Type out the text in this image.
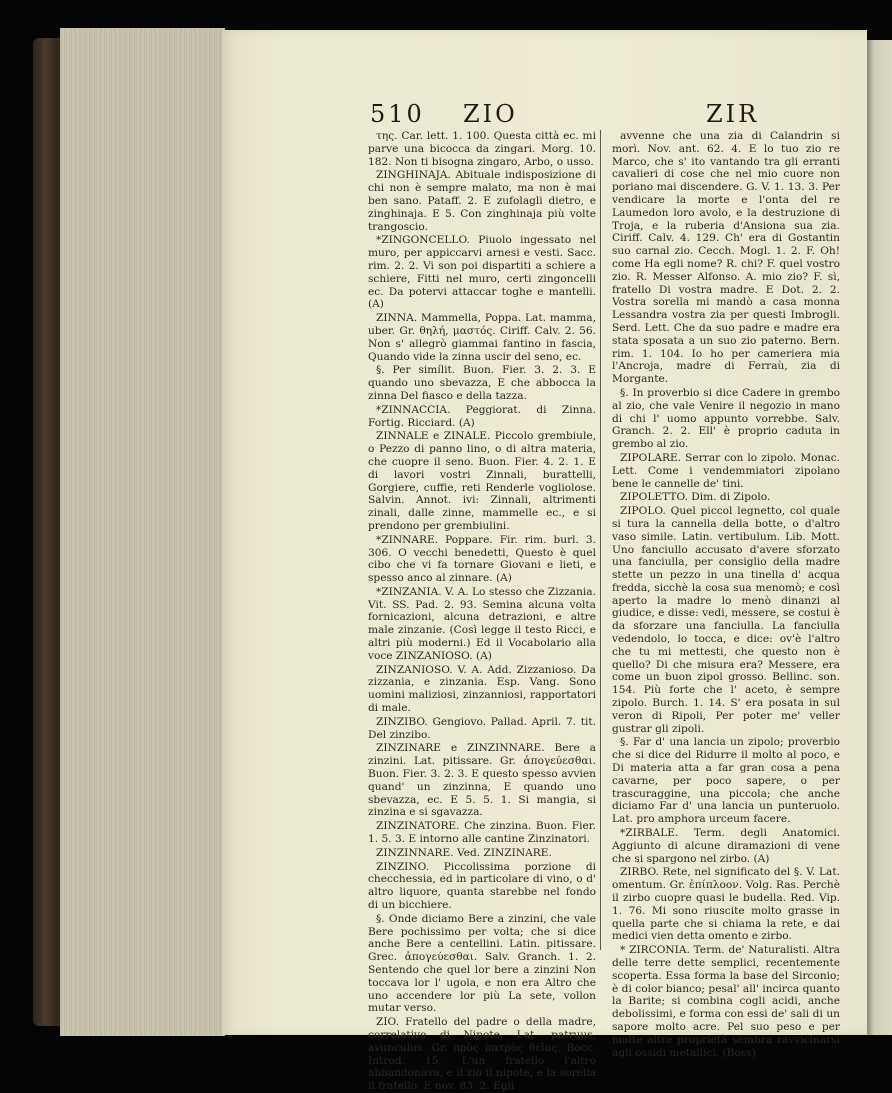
510 ZIO	ZIR

της. Car. lett. 1. 100. Questa città ec. mi parve una bicocca da zingari. Morg. 10. 182. Non ti bisogna zingaro, Arbo, o usso.

ZINGHINAJA. Abituale indisposizione di chi non è sempre malato, ma non è mai ben sano. Pataff. 2. E zufolagli dietro, e zinghinaja. E 5. Con zinghinaja più volte trangoscio.

*ZINGONCELLO. Piuolo ingessato nel muro, per appiccarvi arnesi e vesti. Sacc. rim. 2. 2. Vi son poi dispartiti a schiere a schiere, Fitti nel muro, certi zingoncelli ec. Da potervi attaccar toghe e mantelli. (A)

ZINNA. Mammella, Poppa. Lat. mamma, uber. Gr. θηλή, μαστός. Ciriff. Calv. 2. 56. Non s' allegrò giammai fantino in fascia, Quando vide la zinna uscir del seno, ec.

§. Per simílit. Buon. Fier. 3. 2. 3. E quando uno sbevazza, E che abbocca la zinna Del fiasco e della tazza.

*ZINNACCIA. Peggiorat. di Zinna. Fortig. Ricciard. (A)

ZINNALE e ZINALE. Piccolo grembiule, o Pezzo di panno lino, o di altra materia, che cuopre il seno. Buon. Fier. 4. 2. 1. E di lavori vostri Zinnali, burattelli, Gorgiere, cuffie, reti Renderle vogliolose. Salvin. Annot. ivi: Zinnali, altrimenti zinali, dalle zinne, mammelle ec., e si prendono per grembiulini.

*ZINNARE. Poppare. Fir. rim. burl. 3. 306. O vecchi benedetti, Questo è quel cibo che vi fa tornare Giovani e lieti, e spesso anco al zinnare. (A)

*ZINZANIA. V. A. Lo stesso che Zizzania. Vit. SS. Pad. 2. 93. Semina alcuna volta fornicazioni, alcuna detrazioni, e altre male zinzanie. (Così legge il testo Ricci, e altri più moderni.) Ed il Vocabolario alla voce ZINZANIOSO. (A)

ZINZANIOSO. V. A. Add. Zizzanioso. Da zizzania, e zinzania. Esp. Vang. Sono uomini maliziosi, zinzanniosi, rapportatori di male.

ZINZIBO. Gengiovo. Pallad. April. 7. tit. Del zinzibo.

ZINZINARE e ZINZINNARE. Bere a zinzini. Lat. pitissare. Gr. ἀπογεύεσθαι. Buon. Fier. 3. 2. 3. E questo spesso avvien quand' un zinzinna, E quando uno sbevazza, ec. E 5. 5. 1. Si mangia, si zinzina e si sgavazza.

ZINZINATORE. Che zinzina. Buon. Fier. 1. 5. 3. E intorno alle cantine Zinzinatori.

ZINZINNARE. Ved. ZINZINARE.

ZINZINO. Piccolissima porzione di checchessia, ed in particolare di vino, o d' altro liquore, quanta starebbe nel fondo di un bicchiere.

§. Onde diciamo Bere a zinzini, che vale Bere pochissimo per volta; che si dice anche Bere a centellini. Latin. pitissare. Grec. ἀπογεύεσθαι. Salv. Granch. 1. 2. Sentendo che quel lor bere a zinzini Non toccava lor l' ugola, e non era Altro che uno accendere lor più La sete, vollon mutar verso.

ZIO. Fratello del padre o della madre, correlativo di Nipote. Lat. patruus, avunculus. Gr. πρὸς πατρὸς θεῖος. Bocc. Introd. 15. L'un fratello l'altro abbandonava, e il zio il nipote, e la sorella il fratello. E nov. 83. 2. Egli

avvenne che una zia di Calandrin si morì. Nov. ant. 62. 4. E lo tuo zio re Marco, che s' ito vantando tra gli erranti cavalieri di cose che nel mio cuore non poriano mai discendere. G. V. 1. 13. 3. Per vendicare la morte e l'onta del re Laumedon loro avolo, e la destruzione di Troja, e la ruberia d'Ansiona sua zia. Ciriff. Calv. 4. 129. Ch' era di Gostantin suo carnal zio. Cecch. Mogl. 1. 2. F. Oh! come Ha egli nome? R. chi? F. quel vostro zio. R. Messer Alfonso. A. mio zio? F. sì, fratello Di vostra madre. E Dot. 2. 2. Vostra sorella mi mandò a casa monna Lessandra vostra zia per questi Imbrogli. Serd. Lett. Che da suo padre e madre era stata sposata a un suo zio paterno. Bern. rim. 1. 104. Io ho per cameriera mia l'Ancroja, madre di Ferraù, zia di Morgante.

§. In proverbio si dice Cadere in grembo al zio, che vale Venire il negozio in mano di chi l' uomo appunto vorrebbe. Salv. Granch. 2. 2. Ell' è proprio caduta in grembo al zio.

ZIPOLARE. Serrar con lo zipolo. Monac. Lett. Come i vendemmiatori zipolano bene le cannelle de' tini.

ZIPOLETTO. Dim. di Zipolo.

ZIPOLO. Quel piccol legnetto, col quale si tura la cannella della botte, o d'altro vaso simile. Latin. vertibulum. Lib. Mott. Uno fanciullo accusato d'avere sforzato una fanciulla, per consiglio della madre stette un pezzo in una tinella d' acqua fredda, sicchè la cosa sua menomò; e così aperto la madre lo menò dinanzi al giudice, e disse: vedi, messere, se costui è da sforzare una fanciulla. La fanciulla vedendolo, lo tocca, e dice: ov'è l'altro che tu mi mettesti, che questo non è quello? Di che misura era? Messere, era come un buon zipol grosso. Bellinc. son. 154. Più forte che l' aceto, è sempre zipolo. Burch. 1. 14. S' era posata in sul veron di Ripoli, Per poter me' veller gustrar gli zipoli.

§. Far d' una lancia un zipolo; proverbio che si dice del Ridurre il molto al poco, e Di materia atta a far gran cosa a pena cavarne, per poco sapere, o per trascuraggine, una piccola; che anche diciamo Far d' una lancia un punteruolo. Lat. pro amphora urceum facere.

*ZIRBALE. Term. degli Anatomici. Aggiunto di alcune diramazioni di vene che si spargono nel zirbo. (A)

ZIRBO. Rete, nel significato del §. V. Lat. omentum. Gr. ἐπίπλοον. Volg. Ras. Perchè il zirbo cuopre quasi le budella. Red. Vip. 1. 76. Mi sono riuscite molto grasse in quella parte che si chiama la rete, e dai medici vien detta omento e zirbo.

* ZIRCONIA. Term. de' Naturalisti. Altra delle terre dette semplici, recentemente scoperta. Essa forma la base del Sirconio; è di color bianco; pesal' all' incirca quanto la Barite; si combina cogli acidi, anche debolissimi, e forma con essi de' sali di un sapore molto acre. Pel suo peso e per molte altre proprietà sembra ravvicinarsi agli ossidi metallici. (Boss)
